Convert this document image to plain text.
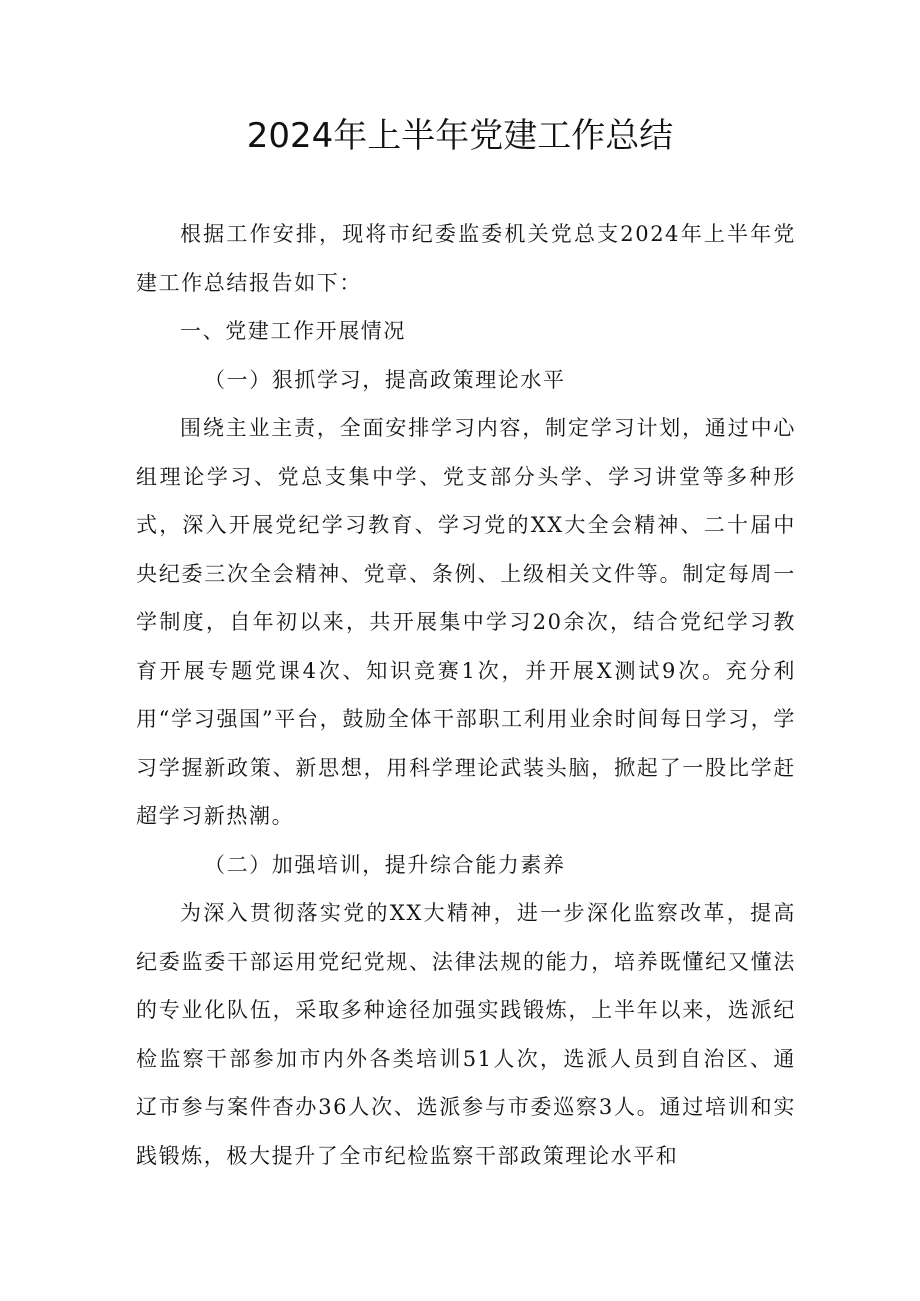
2024年上半年党建工作总结

根据工作安排，现将市纪委监委机关党总支2024年上半年党建工作总结报告如下：

一、党建工作开展情况

（一）狠抓学习，提高政策理论水平

围绕主业主责，全面安排学习内容，制定学习计划，通过中心组理论学习、党总支集中学、党支部分头学、学习讲堂等多种形式，深入开展党纪学习教育、学习党的XX大全会精神、二十届中央纪委三次全会精神、党章、条例、上级相关文件等。制定每周一学制度，自年初以来，共开展集中学习20余次，结合党纪学习教育开展专题党课4次、知识竞赛1次，并开展X测试9次。充分利用“学习强国”平台，鼓励全体干部职工利用业余时间每日学习，学习学握新政策、新思想，用科学理论武装头脑，掀起了一股比学赶超学习新热潮。

（二）加强培训，提升综合能力素养

为深入贯彻落实党的XX大精神，进一步深化监察改革，提高纪委监委干部运用党纪党规、法律法规的能力，培养既懂纪又懂法的专业化队伍，采取多种途径加强实践锻炼，上半年以来，选派纪检监察干部参加市内外各类培训51人次，选派人员到自治区、通辽市参与案件杳办36人次、选派参与市委巡察3人。通过培训和实践锻炼，极大提升了全市纪检监察干部政策理论水平和
